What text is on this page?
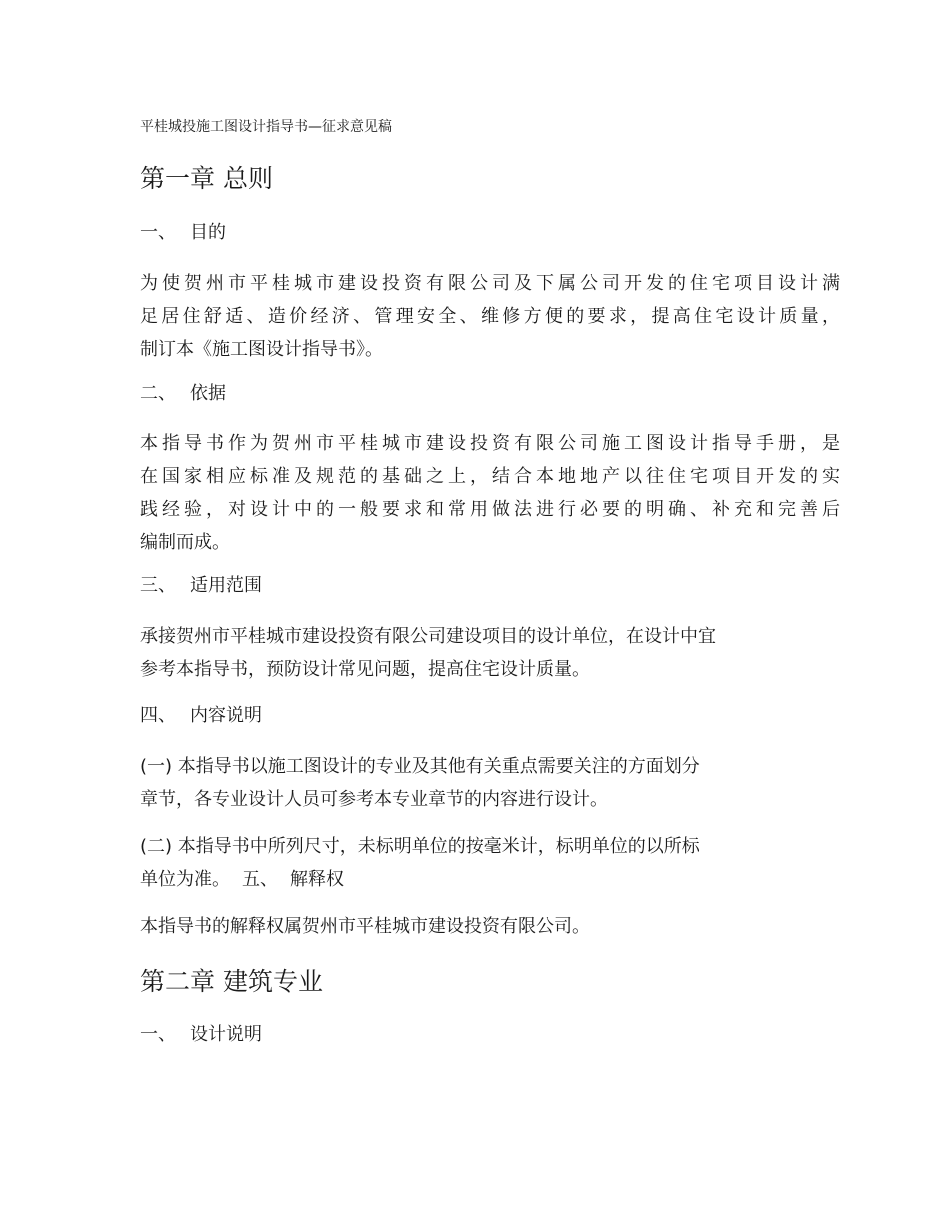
平桂城投施工图设计指导书—征求意见稿
第一章 总则
一、 目的
为使贺州市平桂城市建设投资有限公司及下属公司开发的住宅项目设计满
足居住舒适、造价经济、管理安全、维修方便的要求，提高住宅设计质量，
制订本《施工图设计指导书》。
二、 依据
本指导书作为贺州市平桂城市建设投资有限公司施工图设计指导手册，是
在国家相应标准及规范的基础之上，结合本地地产以往住宅项目开发的实
践经验，对设计中的一般要求和常用做法进行必要的明确、补充和完善后
编制而成。
三、 适用范围
承接贺州市平桂城市建设投资有限公司建设项目的设计单位，在设计中宜
参考本指导书，预防设计常见问题，提高住宅设计质量。
四、 内容说明
(一) 本指导书以施工图设计的专业及其他有关重点需要关注的方面划分
章节，各专业设计人员可参考本专业章节的内容进行设计。
(二) 本指导书中所列尺寸，未标明单位的按毫米计，标明单位的以所标
单位为准。 五、 解释权
本指导书的解释权属贺州市平桂城市建设投资有限公司。
第二章 建筑专业
一、 设计说明
